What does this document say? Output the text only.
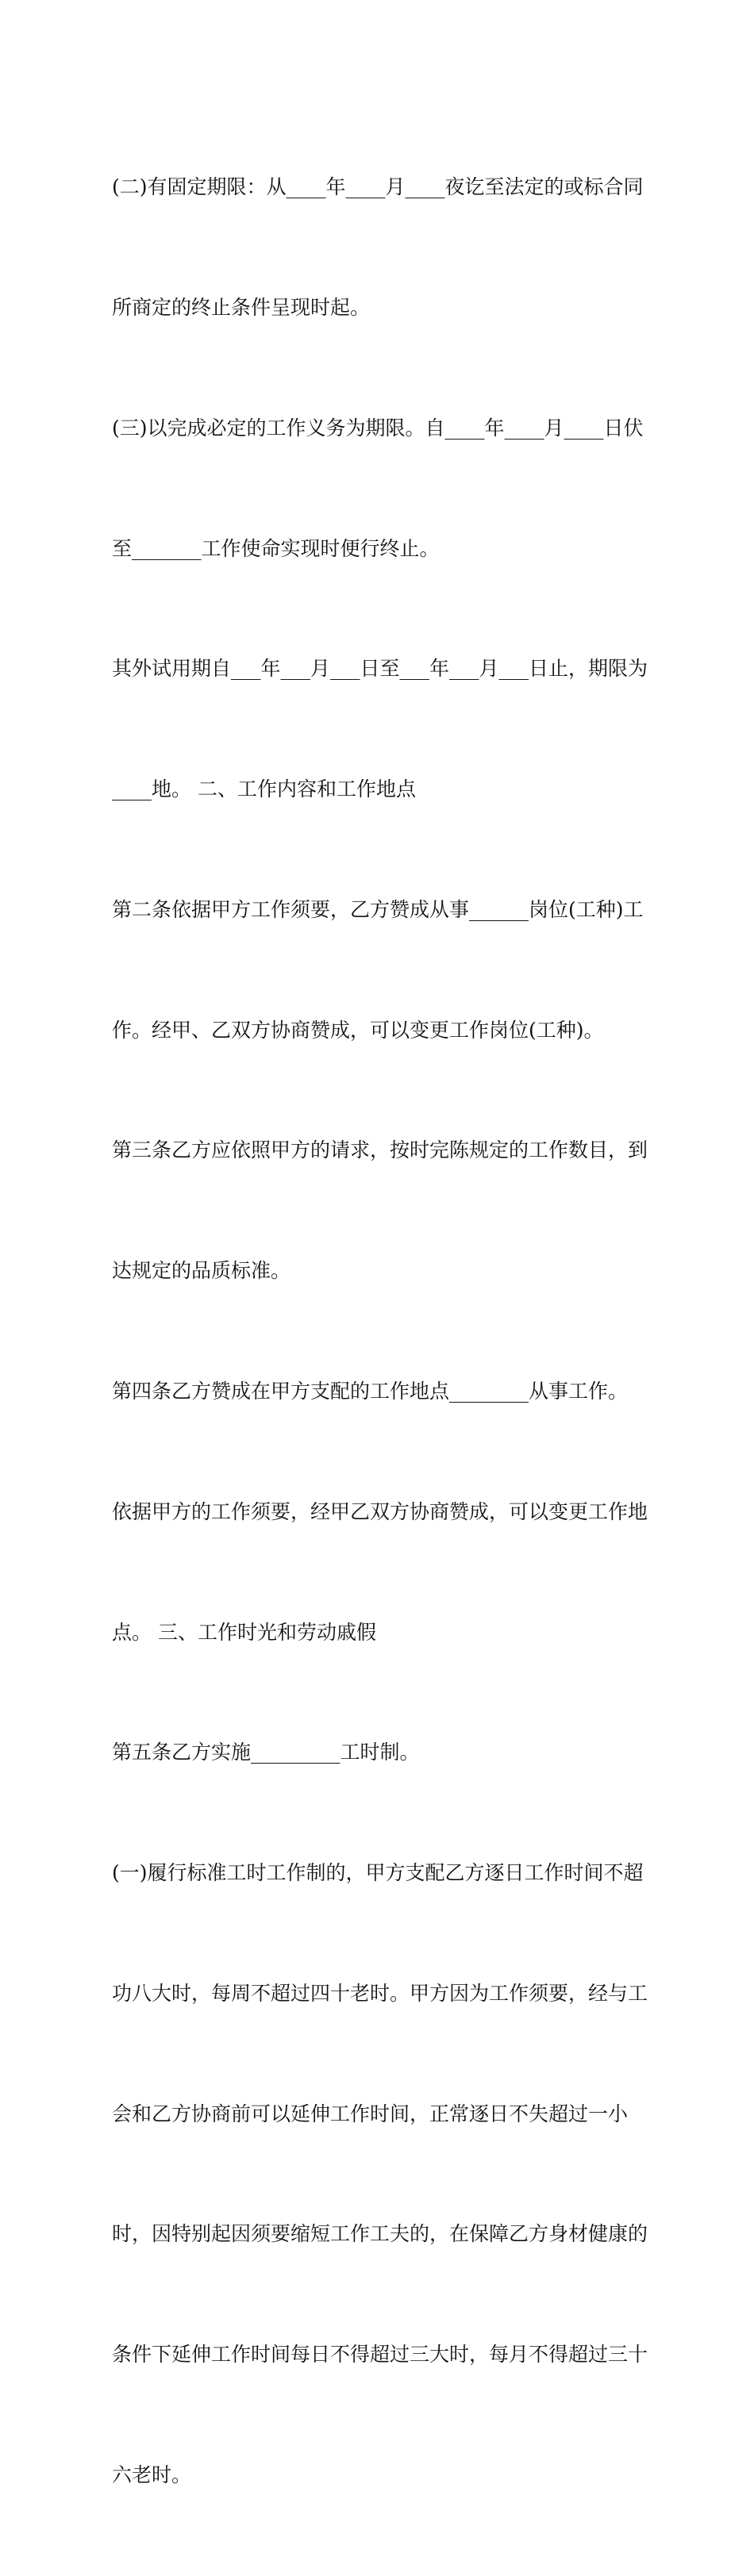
(二)有固定期限：从____年____月____夜讫至法定的或标合同

所商定的终止条件呈现时起。

(三)以完成必定的工作义务为期限。自____年____月____日伏

至_______工作使命实现时便行终止。

其外试用期自___年___月___日至___年___月___日止，期限为

____地。 二、工作内容和工作地点

第二条依据甲方工作须要，乙方赞成从事______岗位(工种)工

作。经甲、乙双方协商赞成，可以变更工作岗位(工种)。

第三条乙方应依照甲方的请求，按时完陈规定的工作数目，到

达规定的品质标准。

第四条乙方赞成在甲方支配的工作地点________从事工作。

依据甲方的工作须要，经甲乙双方协商赞成，可以变更工作地

点。 三、工作时光和劳动戚假

第五条乙方实施_________工时制。

(一)履行标准工时工作制的，甲方支配乙方逐日工作时间不超

功八大时，每周不超过四十老时。甲方因为工作须要，经与工

会和乙方协商前可以延伸工作时间，正常逐日不失超过一小

时，因特别起因须要缩短工作工夫的，在保障乙方身材健康的

条件下延伸工作时间每日不得超过三大时，每月不得超过三十

六老时。
